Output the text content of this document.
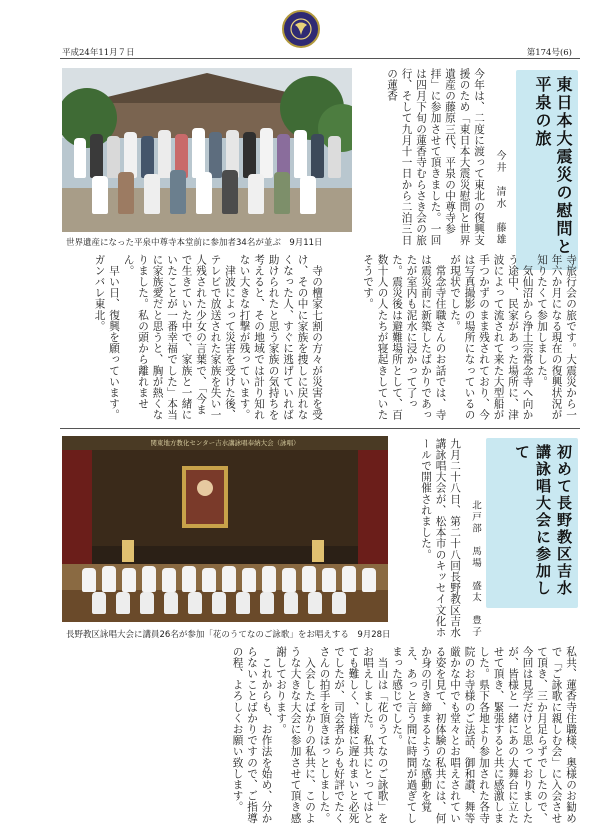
平成24年11月７日	第174号(6)
東日本大震災の慰問と平泉の旅
今井　清水　藤雄
今年は、二度に渡って東北の復興支援のため「東日本大震災慰問と世界遺産の藤原三代、平泉の中尊寺参拝」に参加させて頂きました。一回は四月下旬の蓮香寺むらさき会の旅行、そして九月十一日から二泊三日の蓮香
世界遺産になった平泉中尊寺本堂前に参加者34名が並ぶ　9月11日
寺旅行会の旅です。大震災から一年六か月になる現在の復興状況が知りたくて参加しました。
　気仙沼から浄土宗常念寺へ向かう途中、民家があった場所に、津波によって流されて来た大型船が手つかずのまま残されており、今は写真撮影の場所になっているのが現状でした。
　常念寺住職さんのお話では、寺は震災前に新築したばかりであったが室内も泥水に浸かって了った。震災後は避難場所として、百数十人の人たちが寝起きしていたそうです。
　寺の檀家七割の方々が災害を受け、その中に家族を捜しに戻れなくなった人、すぐに逃げていれば助けられたと思う家族の気持ちを考えると、その地域では計り知れない大きな打撃が残っています。
　津波によって災害を受けた後、テレビで放送された家族を失い一人残された少女の言葉で、「今まで生きていた中で、家族と一緒にいたことが一番幸福でした」本当に家族愛だと思うと、胸が熱くなりました。私の頭から離れません。
　早い日、復興を願っています。ガンバレ東北。
初めて長野教区吉水講詠唱大会に参加して
北戸部　馬場　盛太　豊子
九月二十八日、第二十八回長野教区吉水講詠唱大会が、松本市のキッセイ文化ホールで開催されました。
関東地方教化センター吉水講詠唱奉納大会（詠唱）
長野教区詠唱大会に講員26名が参加「花のうてなのご詠歌」をお唱えする　9月28日
私共、蓮香寺住職様、奥様のお勧めで「ご詠歌に親しむ会」に入会させて頂き、三か月足らずでしたので、今回は見学だけと思っておりましたが、皆様と一緒にあの大舞台に立たせて頂き、緊張すると共に感激しました。県下各地より参加された各寺院のお寺様のご法話、御和讃、舞等厳かな中でも堂々とお唱えされている姿を見て、初体験の私共には、何か身の引き締まるような感動を覚え、あっと言う間に時間が過ぎてしまった感じでした。
　当山は「花のうてなのご詠歌」をお唱えしました。私共にとってはとても難しく、皆様に遅れまいと必死でしたが、司会者からも好評でたくさんの拍手を頂きほっとしました。
　入会したばかりの私共に、このような大きな大会に参加させて頂き感謝しております。
　これからも、お作法を始め、分からないことばかりですので、ご指導の程、よろしくお願い致します。
